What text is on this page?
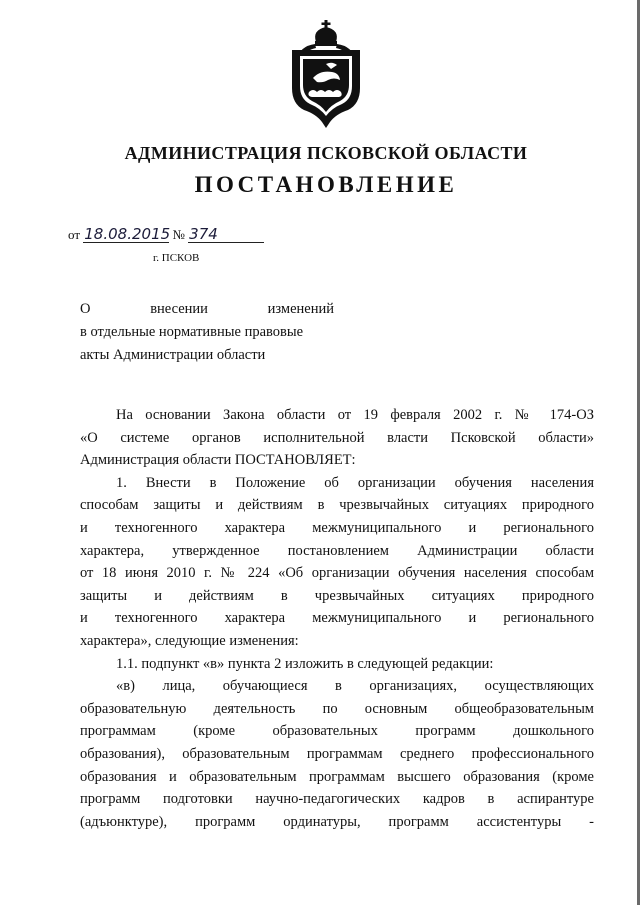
АДМИНИСТРАЦИЯ ПСКОВСКОЙ ОБЛАСТИ
ПОСТАНОВЛЕНИЕ
от 18.08.2015 № 374
г. ПСКОВ
О	внесении	изменений
в отдельные нормативные правовые
акты Администрации области

На основании Закона области от 19 февраля 2002 г. № 174-ОЗ

«О системе органов исполнительной власти Псковской области»

Администрация области ПОСТАНОВЛЯЕТ:

1. Внести в Положение об организации обучения населения

способам защиты и действиям в чрезвычайных ситуациях природного

и техногенного характера межмуниципального и регионального

характера, утвержденное постановлением Администрации области

от 18 июня 2010 г. № 224 «Об организации обучения населения способам

защиты и действиям в чрезвычайных ситуациях природного

и техногенного характера межмуниципального и регионального

характера», следующие изменения:

1.1. подпункт «в» пункта 2 изложить в следующей редакции:

«в) лица, обучающиеся в организациях, осуществляющих

образовательную деятельность по основным общеобразовательным

программам (кроме образовательных программ дошкольного

образования), образовательным программам среднего профессионального

образования и образовательным программам высшего образования (кроме

программ подготовки научно-педагогических кадров в аспирантуре

(адъюнктуре), программ ординатуры, программ ассистентуры -
